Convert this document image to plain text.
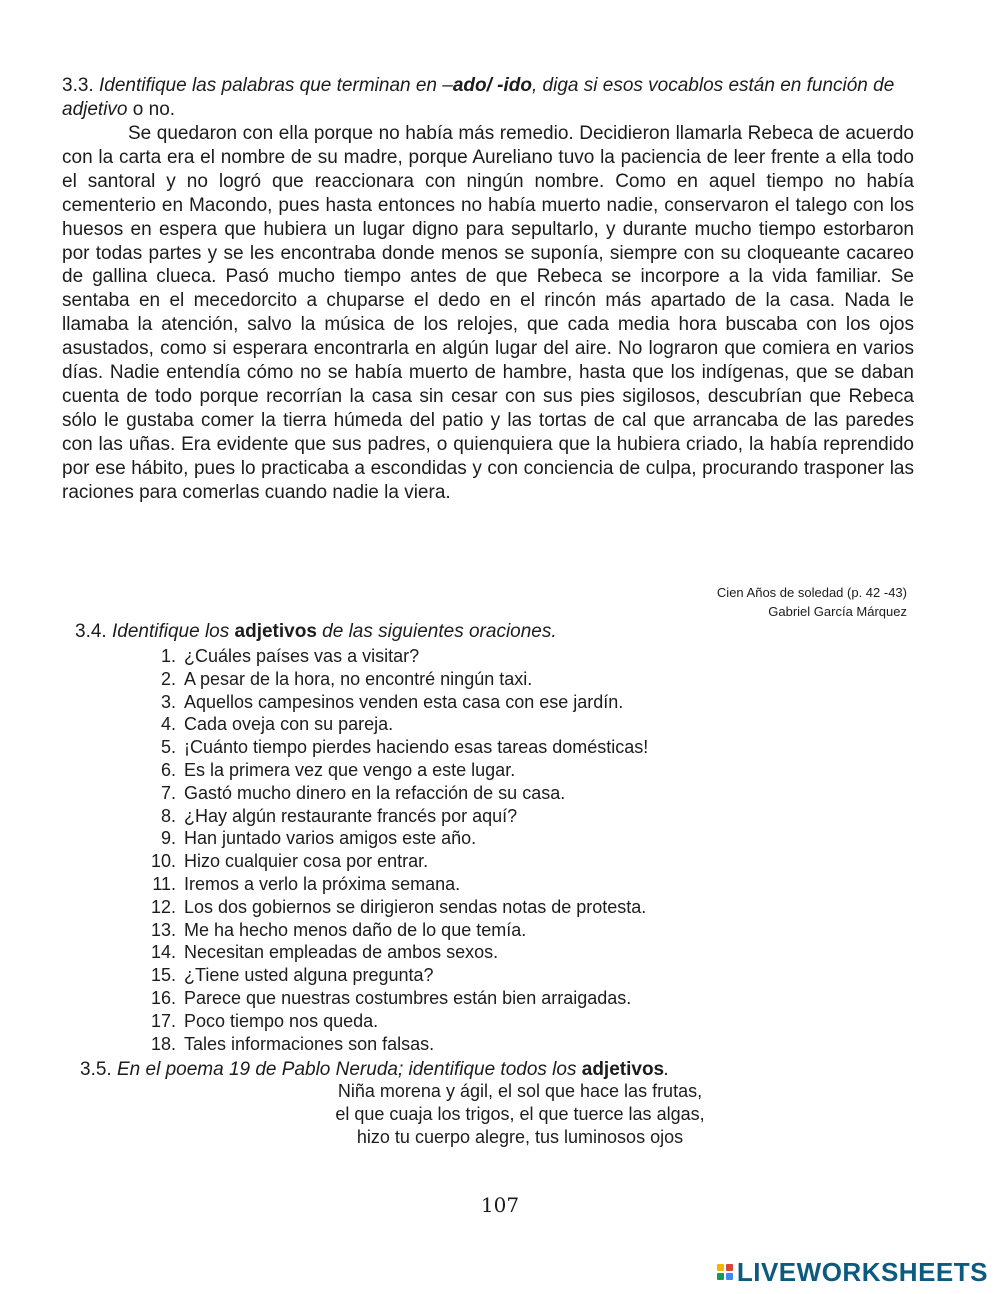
3.3. Identifique las palabras que terminan en –ado/ -ido, diga si esos vocablos están en función de adjetivo o no.

Se quedaron con ella porque no había más remedio. Decidieron llamarla Rebeca de acuerdo con la carta era el nombre de su madre, porque Aureliano tuvo la paciencia de leer frente a ella todo el santoral y no logró que reaccionara con ningún nombre. Como en aquel tiempo no había cementerio en Macondo, pues hasta entonces no había muerto nadie, conservaron el talego con los huesos en espera que hubiera un lugar digno para sepultarlo, y durante mucho tiempo estorbaron por todas partes y se les encontraba donde menos se suponía, siempre con su cloqueante cacareo de gallina clueca. Pasó mucho tiempo antes de que Rebeca se incorpore a la vida familiar. Se sentaba en el mecedorcito a chuparse el dedo en el rincón más apartado de la casa. Nada le llamaba la atención, salvo la música de los relojes, que cada media hora buscaba con los ojos asustados, como si esperara encontrarla en algún lugar del aire. No lograron que comiera en varios días. Nadie entendía cómo no se había muerto de hambre, hasta que los indígenas, que se daban cuenta de todo porque recorrían la casa sin cesar con sus pies sigilosos, descubrían que Rebeca sólo le gustaba comer la tierra húmeda del patio y las tortas de cal que arrancaba de las paredes con las uñas. Era evidente que sus padres, o quienquiera que la hubiera criado, la había reprendido por ese hábito, pues lo practicaba a escondidas y con conciencia de culpa, procurando trasponer las raciones para comerlas cuando nadie la viera.

Cien Años de soledad (p. 42 -43)
Gabriel García Márquez
3.4. Identifique los adjetivos de las siguientes oraciones.
1. ¿Cuáles países vas a visitar?
2. A pesar de la hora, no encontré ningún taxi.
3. Aquellos campesinos venden esta casa con ese jardín.
4. Cada oveja con su pareja.
5. ¡Cuánto tiempo pierdes haciendo esas tareas domésticas!
6. Es la primera vez que vengo a este lugar.
7. Gastó mucho dinero en la refacción de su casa.
8. ¿Hay algún restaurante francés por aquí?
9. Han juntado varios amigos este año.
10. Hizo cualquier cosa por entrar.
11. Iremos a verlo la próxima semana.
12. Los dos gobiernos se dirigieron sendas notas de protesta.
13. Me ha hecho menos daño de lo que temía.
14. Necesitan empleadas de ambos sexos.
15. ¿Tiene usted alguna pregunta?
16. Parece que nuestras costumbres están bien arraigadas.
17. Poco tiempo nos queda.
18. Tales informaciones son falsas.
3.5. En el poema 19 de Pablo Neruda; identifique todos los adjetivos.
Niña morena y ágil, el sol que hace las frutas,
el que cuaja los trigos, el que tuerce las algas,
hizo tu cuerpo alegre, tus luminosos ojos
107
LIVEWORKSHEETS
